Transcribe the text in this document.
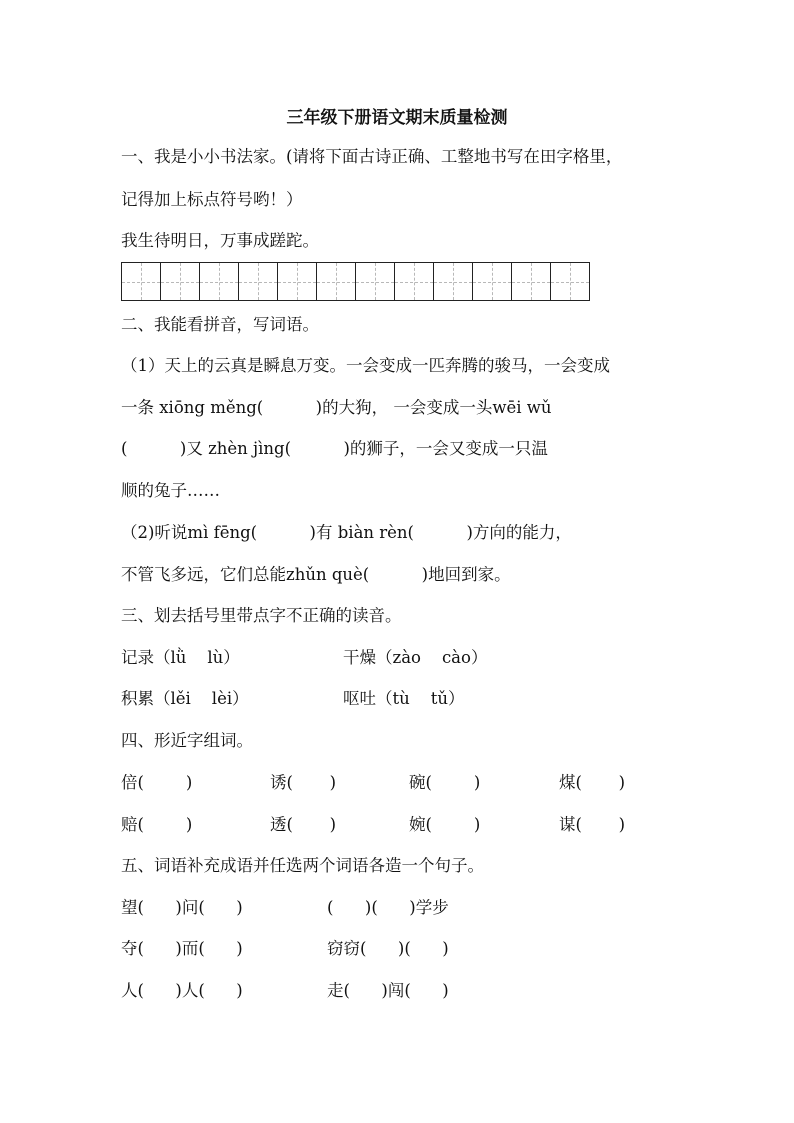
三年级下册语文期末质量检测
一、我是小小书法家。(请将下面古诗正确、工整地书写在田字格里，
记得加上标点符号哟！）
我生待明日，万事成蹉跎。
二、我能看拼音，写词语。
（1）天上的云真是瞬息万变。一会变成一匹奔腾的骏马，一会变成
一条 xiōng měng(          )的大狗， 一会变成一头wēi wǔ
(          )又 zhèn jìng(          )的狮子，一会又变成一只温
顺的兔子……
（2)听说mì fēng(          )有 biàn rèn(          )方向的能力，
不管飞多远，它们总能zhǔn què(          )地回到家。
三、划去括号里带点字不正确的读音。
记录（lǜ    lù）	干燥（zào    cào）
积累（lěi    lèi）	呕吐（tù    tǔ）
四、形近字组词。
倍(        )	诱(       )	碗(        )	煤(       )
赔(        )	透(       )	婉(        )	谋(       )
五、词语补充成语并任选两个词语各造一个句子。
望(      )问(      )	(      )(      )学步
夺(      )而(      )	窃窃(      )(      )
人(      )人(      )	走(      )闯(      )
